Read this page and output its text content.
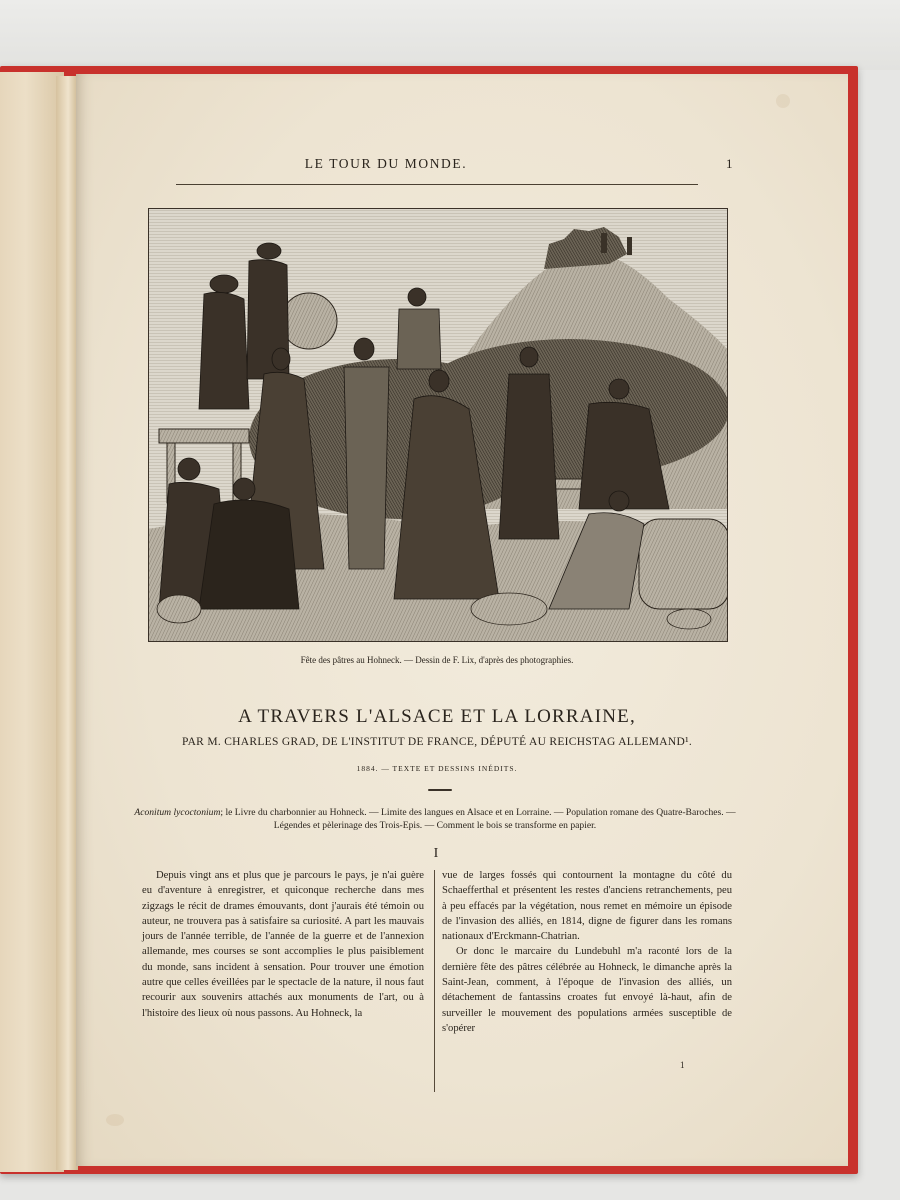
LE TOUR DU MONDE.	1
Fête des pâtres au Hohneck. — Dessin de F. Lix, d'après des photographies.
A TRAVERS L'ALSACE ET LA LORRAINE,
PAR M. CHARLES GRAD, DE L'INSTITUT DE FRANCE, DÉPUTÉ AU REICHSTAG ALLEMAND¹.
1884. — TEXTE ET DESSINS INÉDITS.
Aconitum lycoctonium; le Livre du charbonnier au Hohneck. — Limite des langues en Alsace et en Lorraine. — Population romane des Quatre-Baroches. — Légendes et pèlerinage des Trois-Epis. — Comment le bois se transforme en papier.
I

Depuis vingt ans et plus que je parcours le pays, je n'ai guère eu d'aventure à enregistrer, et quiconque recherche dans mes zigzags le récit de drames émouvants, dont j'aurais été témoin ou auteur, ne trouvera pas à satisfaire sa curiosité. A part les mauvais jours de l'année terrible, de l'année de la guerre et de l'annexion allemande, mes courses se sont accomplies le plus paisiblement du monde, sans incident à sensation. Pour trouver une émotion autre que celles éveillées par le spectacle de la nature, il nous faut recourir aux souvenirs attachés aux monuments de l'art, ou à l'histoire des lieux où nous passons. Au Hohneck, la

vue de larges fossés qui contournent la montagne du côté du Schaefferthal et présentent les restes d'anciens retranchements, peu à peu effacés par la végétation, nous remet en mémoire un épisode de l'invasion des alliés, en 1814, digne de figurer dans les romans nationaux d'Erckmann-Chatrian.

Or donc le marcaire du Lundebuhl m'a raconté lors de la dernière fête des pâtres célébrée au Hohneck, le dimanche après la Saint-Jean, comment, à l'époque de l'invasion des alliés, un détachement de fantassins croates fut envoyé là-haut, afin de surveiller le mouvement des populations armées susceptible de s'opérer

1
